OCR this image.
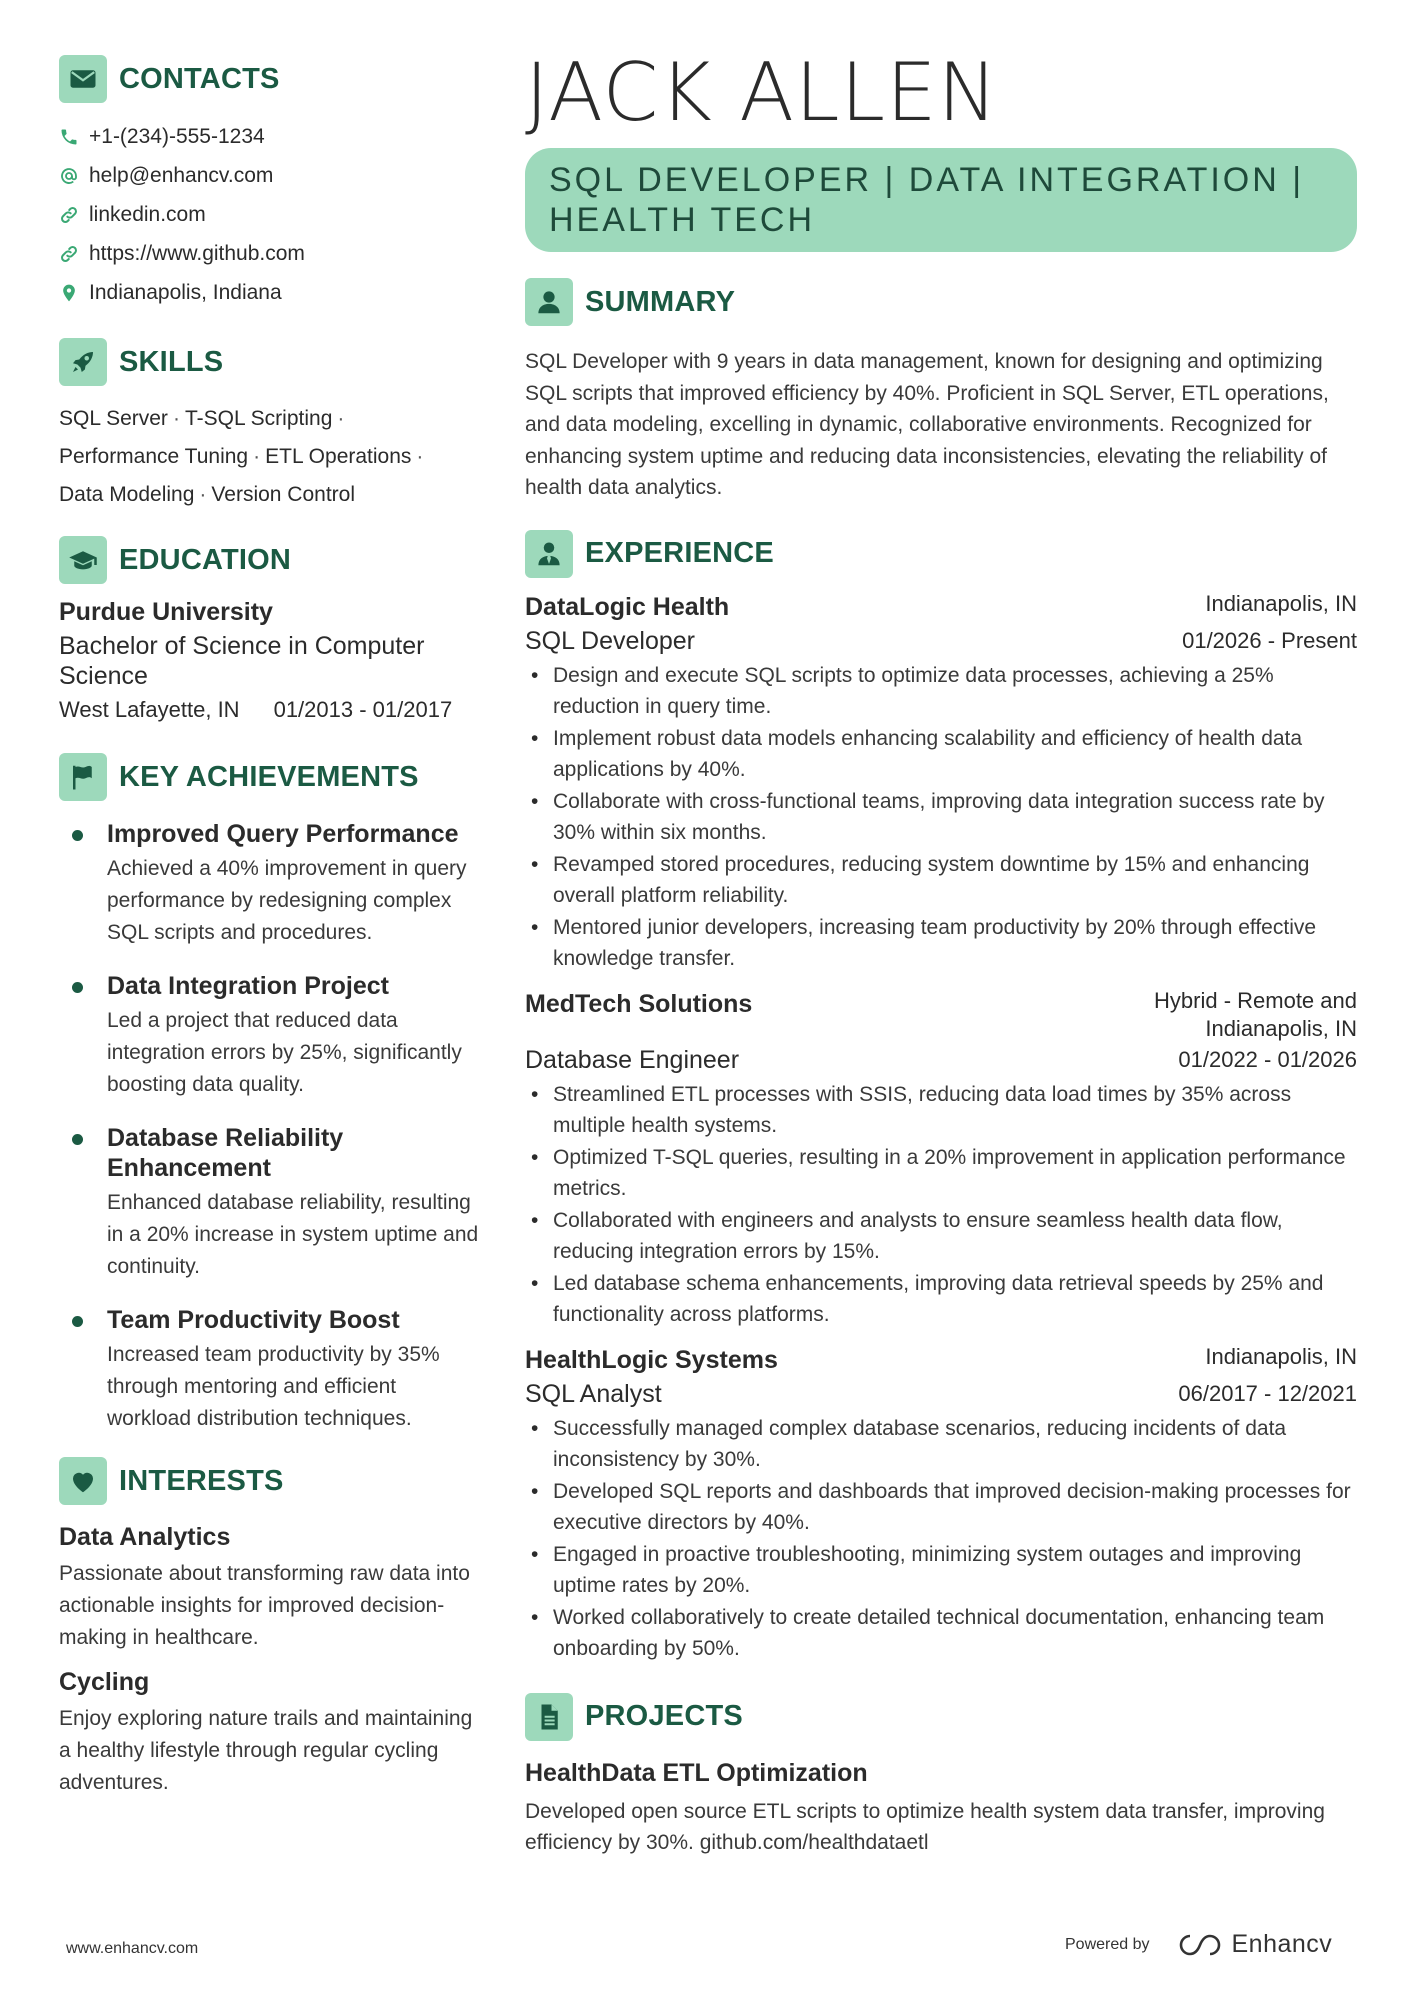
CONTACTS
+1-(234)-555-1234
help@enhancv.com
linkedin.com
https://www.github.com
Indianapolis, Indiana
SKILLS
SQL Server · T-SQL Scripting ·
Performance Tuning · ETL Operations ·
Data Modeling · Version Control
EDUCATION
Purdue University
Bachelor of Science in Computer Science
West Lafayette, IN 01/2013 - 01/2017
KEY ACHIEVEMENTS
Improved Query Performance
Achieved a 40% improvement in query performance by redesigning complex SQL scripts and procedures.
Data Integration Project
Led a project that reduced data integration errors by 25%, significantly boosting data quality.
Database Reliability Enhancement
Enhanced database reliability, resulting in a 20% increase in system uptime and continuity.
Team Productivity Boost
Increased team productivity by 35% through mentoring and efficient workload distribution techniques.
INTERESTS
Data Analytics
Passionate about transforming raw data into actionable insights for improved decision-making in healthcare.
Cycling
Enjoy exploring nature trails and maintaining a healthy lifestyle through regular cycling adventures.
JACK ALLEN
SQL DEVELOPER | DATA INTEGRATION | HEALTH TECH
SUMMARY
SQL Developer with 9 years in data management, known for designing and optimizing SQL scripts that improved efficiency by 40%. Proficient in SQL Server, ETL operations, and data modeling, excelling in dynamic, collaborative environments. Recognized for enhancing system uptime and reducing data inconsistencies, elevating the reliability of health data analytics.
EXPERIENCE
DataLogic Health	Indianapolis, IN
SQL Developer	01/2026 - Present
• Design and execute SQL scripts to optimize data processes, achieving a 25% reduction in query time.
• Implement robust data models enhancing scalability and efficiency of health data applications by 40%.
• Collaborate with cross-functional teams, improving data integration success rate by 30% within six months.
• Revamped stored procedures, reducing system downtime by 15% and enhancing overall platform reliability.
• Mentored junior developers, increasing team productivity by 20% through effective knowledge transfer.
MedTech Solutions	Hybrid - Remote and Indianapolis, IN
Database Engineer	01/2022 - 01/2026
• Streamlined ETL processes with SSIS, reducing data load times by 35% across multiple health systems.
• Optimized T-SQL queries, resulting in a 20% improvement in application performance metrics.
• Collaborated with engineers and analysts to ensure seamless health data flow, reducing integration errors by 15%.
• Led database schema enhancements, improving data retrieval speeds by 25% and functionality across platforms.
HealthLogic Systems	Indianapolis, IN
SQL Analyst	06/2017 - 12/2021
• Successfully managed complex database scenarios, reducing incidents of data inconsistency by 30%.
• Developed SQL reports and dashboards that improved decision-making processes for executive directors by 40%.
• Engaged in proactive troubleshooting, minimizing system outages and improving uptime rates by 20%.
• Worked collaboratively to create detailed technical documentation, enhancing team onboarding by 50%.
PROJECTS
HealthData ETL Optimization
Developed open source ETL scripts to optimize health system data transfer, improving efficiency by 30%. github.com/healthdataetl
www.enhancv.com	Powered by	Enhancv
